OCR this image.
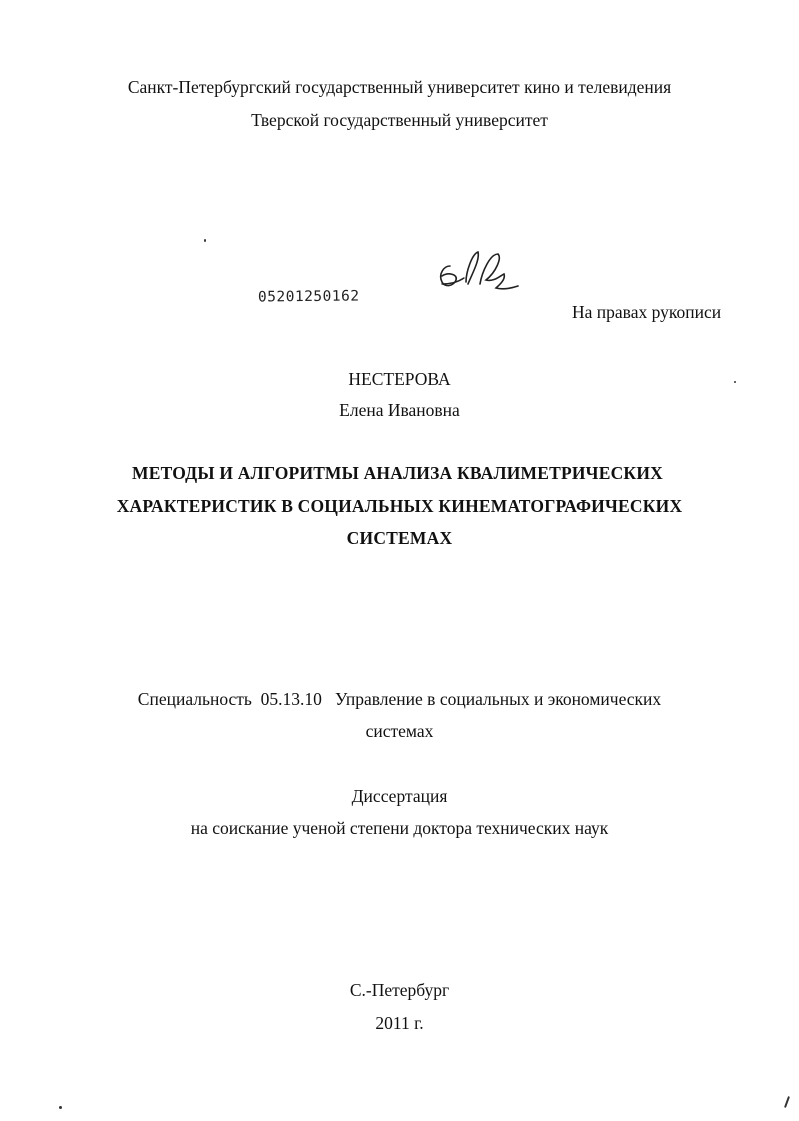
Санкт-Петербургский государственный университет кино и телевидения
Тверской государственный университет
05201250162
На правах рукописи
НЕСТЕРОВА
Елена Ивановна
МЕТОДЫ И АЛГОРИТМЫ АНАЛИЗА КВАЛИМЕТРИЧЕСКИХ
ХАРАКТЕРИСТИК В СОЦИАЛЬНЫХ КИНЕМАТОГРАФИЧЕСКИХ
СИСТЕМАХ
Специальность  05.13.10   Управление в социальных и экономических
системах
Диссертация
на соискание ученой степени доктора технических наук
С.-Петербург
2011 г.
